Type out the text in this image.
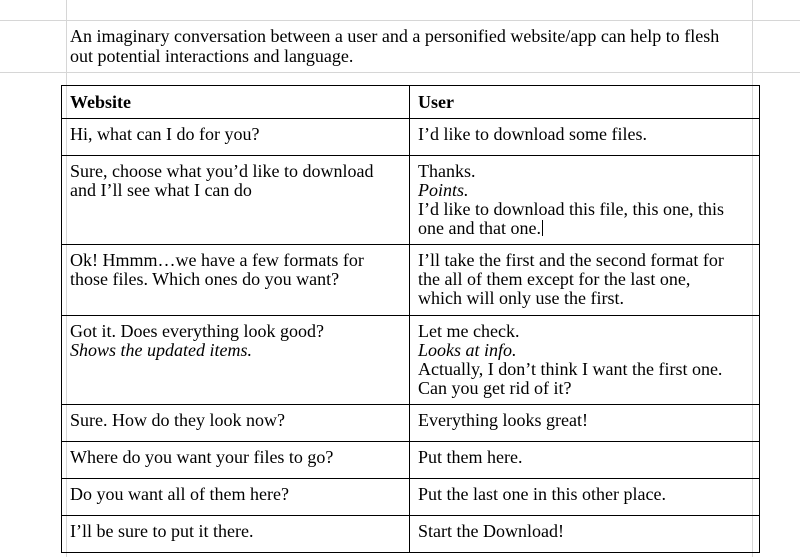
An imaginary conversation between a user and a personified website/app can help to flesh
out potential interactions and language.
Website	User

Hi, what can I do for you?	I’d like to download some files.

Sure, choose what you’d like to download
and I’ll see what I can do	Thanks.
Points.
I’d like to download this file, this one, this
one and that one.

Ok! Hmmm…we have a few formats for
those files. Which ones do you want?	I’ll take the first and the second format for
the all of them except for the last one,
which will only use the first.

Got it. Does everything look good?
Shows the updated items.	Let me check.
Looks at info.
Actually, I don’t think I want the first one.
Can you get rid of it?

Sure. How do they look now?	Everything looks great!

Where do you want your files to go?	Put them here.

Do you want all of them here?	Put the last one in this other place.

I’ll be sure to put it there.	Start the Download!
